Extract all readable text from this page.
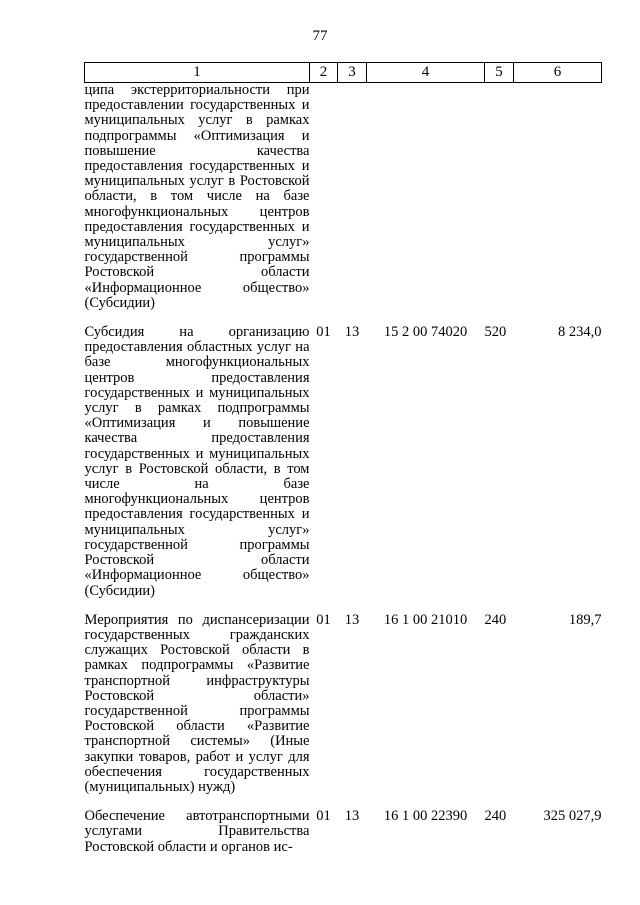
77
1	2	3	4	5	6
ципа экстерриториальности при предоставлении государственных и муниципальных услуг в рамках подпрограммы «Оптимизация и повышение качества предоставления государственных и муниципальных услуг в Ростовской области, в том числе на базе многофункциональных центров предоставления государственных и муниципальных услуг» государственной программы Ростовской области «Информационное общество» (Субсидии)					
Субсидия на организацию предоставления областных услуг на базе многофункциональных центров предоставления государственных и муниципальных услуг в рамках подпрограммы «Оптимизация и повышение качества предоставления государственных и муниципальных услуг в Ростовской области, в том числе на базе многофункциональных центров предоставления государственных и муниципальных услуг» государственной программы Ростовской области «Информационное общество» (Субсидии)	01	13	15 2 00 74020	520	8 234,0
Мероприятия по диспансеризации государственных гражданских служащих Ростовской области в рамках подпрограммы «Развитие транспортной инфраструктуры Ростовской области» государственной программы Ростовской области «Развитие транспортной системы» (Иные закупки товаров, работ и услуг для обеспечения государственных (муниципальных) нужд)	01	13	16 1 00 21010	240	189,7
Обеспечение автотранспортными услугами Правительства Ростовской области и органов ис-	01	13	16 1 00 22390	240	325 027,9
